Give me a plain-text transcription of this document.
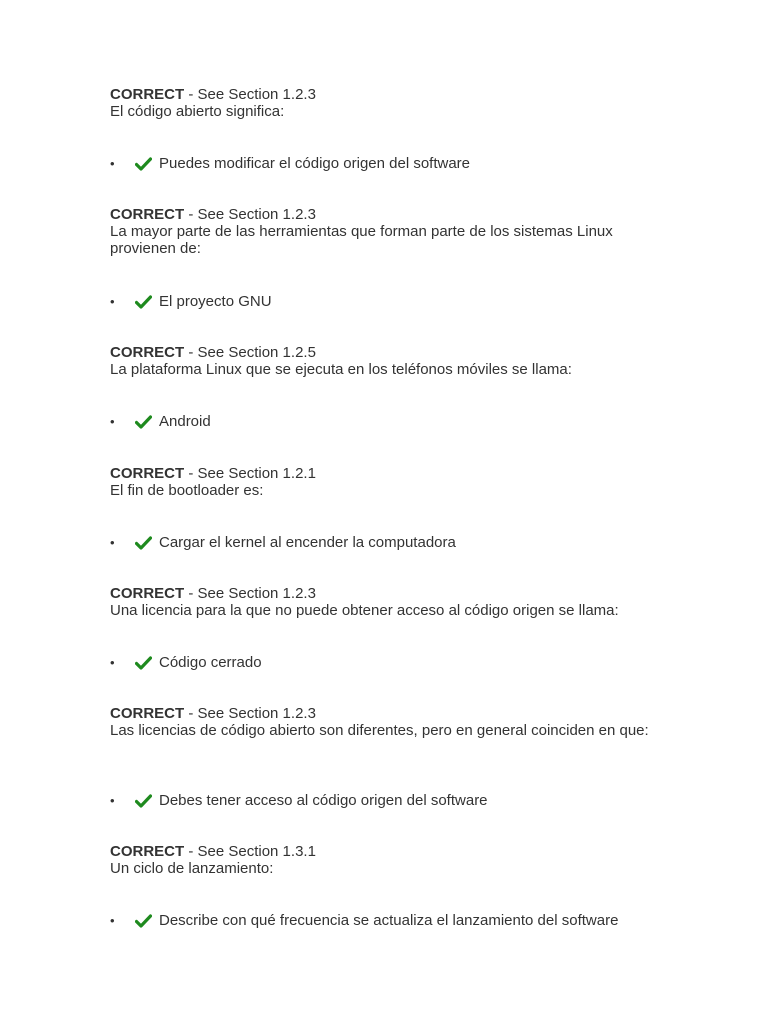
CORRECT - See Section 1.2.3
El código abierto significa:
•	Puedes modificar el código origen del software
CORRECT - See Section 1.2.3
La mayor parte de las herramientas que forman parte de los sistemas Linux provienen de:
•	El proyecto GNU
CORRECT - See Section 1.2.5
La plataforma Linux que se ejecuta en los teléfonos móviles se llama:
•	Android
CORRECT - See Section 1.2.1
El fin de bootloader es:
•	Cargar el kernel al encender la computadora
CORRECT - See Section 1.2.3
Una licencia para la que no puede obtener acceso al código origen se llama:
•	Código cerrado
CORRECT - See Section 1.2.3
Las licencias de código abierto son diferentes, pero en general coinciden en que:
•	Debes tener acceso al código origen del software
CORRECT - See Section 1.3.1
Un ciclo de lanzamiento:
•	Describe con qué frecuencia se actualiza el lanzamiento del software
